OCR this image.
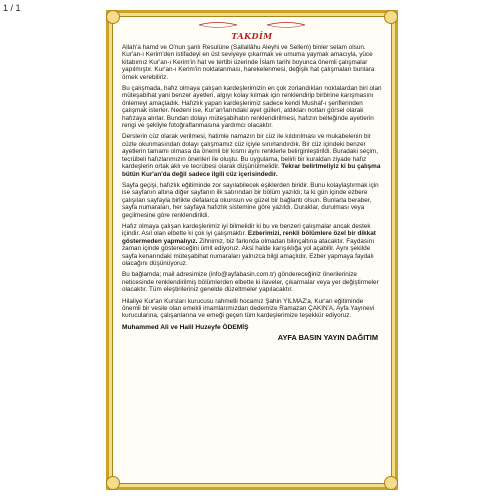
1 / 1
TAKDİM

Allah'a hamd ve O'nun şanlı Resulüne (Sallallâhu Aleyhi ve Sellem) binler selam olsun. Kur'an-ı Kerim'den istifadeyi en üst seviyeye çıkarmak ve umuma yaymak amacıyla, yüce kitabımız Kur'an-ı Kerim'in hat ve tertibi üzerinde İslam tarihi boyunca önemli çalışmalar yapılmıştır. Kur'an-ı Kerim'in noktalanması, harekelenmesi, değişik hat çalışmaları bunlara örnek verebiliriz.

Bu çalışmada, hafız olmaya çalışan kardeşlerimizin en çok zorlandıkları noktalardan biri olan müteşabihat yani benzer ayetleri, algıyı kolay kılmak için renklendirip birbirine karışmasını önlemeyi amaçladık. Hafızlık yapan kardeşlerimiz sadece kendi Mushaf-ı şeriflerinden çalışmak isterler. Nedeni ise, Kur'an'larındaki ayet gülleri, aldıkları notları görsel olarak hafızaya alırlar. Bundan dolayı müteşabihatın renklendirilmesi, hafızın belleğinde ayetlerin rengi ve şekliyle fotoğraflanmasına yardımcı olacaktır.

Derslerin cüz olarak verilmesi, hatimle namazın bir cüz ile kıldırılması ve mukabelenin bir cüzle okunmasından dolayı çalışmamız cüz içiyle sınırlandırdık. Bir cüz içindeki benzer ayetlerin tamamı olmasa da önemli bir kısmı aynı renklerle belirginleştirildi. Buradaki seçim, tecrübeli hafızlarımızın önerileri ile oluştu. Bu uygulama, belirli bir kuraldan ziyade hafız kardeşlerin ortak aklı ve tecrübesi olarak düşünülmelidir. Tekrar belirtmeliyiz ki bu çalışma bütün Kur'an'da değil sadece ilgili cüz içerisindedir.

Sayfa geçişi, hafızlık eğitiminde zor sayılabilecek eşiklerden biridir. Bunu kolaylaştırmak için ise sayfanın altına diğer sayfanın ilk satırından bir bölüm yazıldı; ta ki gün içinde ezbere çalışılan sayfayla birlikte defalarca okunsun ve güzel bir bağlantı olsun. Bunlarla beraber, sayfa numaraları, her sayfaya hafızlık sistemine göre yazıldı. Duraklar, durulması veya geçilmesine göre renklendirildi.

Hafız olmaya çalışan kardeşlerimiz iyi bilmelidir ki bu ve benzeri çalışmalar ancak destek içindir. Asıl olan elbette ki çok iyi çalışmaktır. Ezberimizi, renkli bölümlere özel bir dikkat göstermeden yapmalıyız. Zihnimiz, biz farkında olmadan bilinçaltına atacaktır. Faydasını zaman içinde göstereceğini ümit ediyoruz. Aksi halde karışıklığa yol açabilir. Aynı şekilde sayfa kenarındaki müteşabihat numaraları yalnızca bilgi amaçlıdır. Ezber yapmaya faydalı olacağını düşünüyoruz.

Bu bağlamda; mail adresimize (info@ayfabasin.com.tr) göndereceğiniz önerilerinize neticesinde renklendirilmiş bölümlerden elbette ki ilaveler, çıkarmalar veya yer değiştirmeler olacaktır. Tüm eleştirileriniz genelde düzeltmeler yapılacaktır.

Hilaliye Kur'an Kursları kurucusu rahmetli hocamız Şahin YILMAZ'a, Kur'an eğitiminde önemli bir vesile olan emekli imamlarımızdan dedemize Ramazan ÇAKIN'A, Ayfa Yayınevi kurucularına, çalışanlarına ve emeği geçen tüm kardeşlerimize teşekkür ediyoruz.

Muhammed Ali ve Halil Huzeyfe ÖDEMİŞ
AYFA BASIN YAYIN DAĞITIM
